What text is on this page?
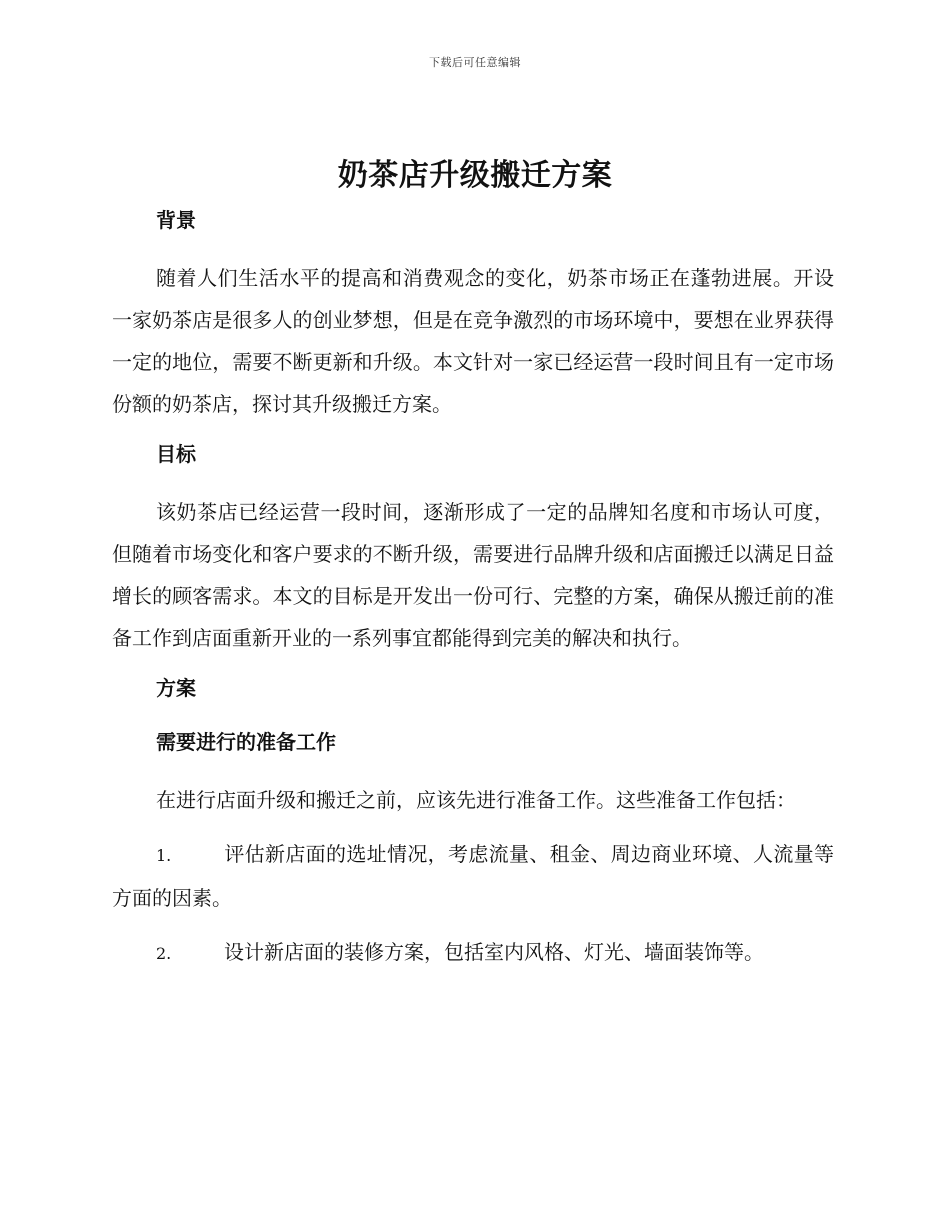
下载后可任意编辑
奶茶店升级搬迁方案
背景

随着人们生活水平的提高和消费观念的变化，奶茶市场正在蓬勃进展。开设一家奶茶店是很多人的创业梦想，但是在竞争激烈的市场环境中，要想在业界获得一定的地位，需要不断更新和升级。本文针对一家已经运营一段时间且有一定市场份额的奶茶店，探讨其升级搬迁方案。

目标

该奶茶店已经运营一段时间，逐渐形成了一定的品牌知名度和市场认可度，但随着市场变化和客户要求的不断升级，需要进行品牌升级和店面搬迁以满足日益增长的顾客需求。本文的目标是开发出一份可行、完整的方案，确保从搬迁前的准备工作到店面重新开业的一系列事宜都能得到完美的解决和执行。

方案
需要进行的准备工作

在进行店面升级和搬迁之前，应该先进行准备工作。这些准备工作包括：

1.	评估新店面的选址情况，考虑流量、租金、周边商业环境、人流量等方面的因素。

2.	设计新店面的装修方案，包括室内风格、灯光、墙面装饰等。
